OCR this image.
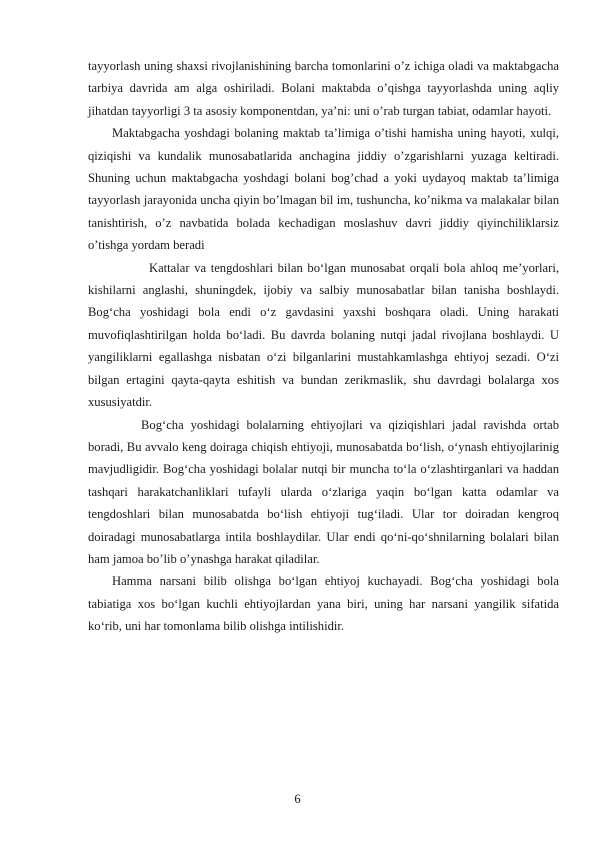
tayyorlash uning shaxsi rivojlanishining barcha tomonlarini o’z ichiga oladi va maktabgacha tarbiya davrida am alga oshiriladi. Bolani maktabda o’qishga tayyorlashda uning aqliy jihatdan tayyorligi 3 ta asosiy komponentdan, ya’ni: uni o’rab turgan tabiat, odamlar hayoti.

Maktabgacha yoshdagi bolaning maktab ta’limiga o’tishi hamisha uning hayoti, xulqi, qiziqishi va kundalik munosabatlarida anchagina jiddiy o’zgarishlarni yuzaga keltiradi. Shuning uchun maktabgacha yoshdagi bolani bog’chad a yoki uydayoq maktab ta’limiga tayyorlash jarayonida uncha qiyin bo’lmagan bil im, tushuncha, ko’nikma va malakalar bilan tanishtirish, o’z navbatida bolada kechadigan moslashuv davri jiddiy qiyinchiliklarsiz o’tishga yordam beradi

Kattalar va tengdoshlari bilan bo‘lgan munosabat orqali bola ahloq me’yorlari, kishilarni anglashi, shuningdek, ijobiy va salbiy munosabatlar bilan tanisha boshlaydi. Bog‘cha yoshidagi bola endi o‘z gavdasini yaxshi boshqara oladi. Uning harakati muvofiqlashtirilgan holda bo‘ladi. Bu davrda bolaning nutqi jadal rivojlana boshlaydi. U yangiliklarni egallashga nisbatan o‘zi bilganlarini mustahkamlashga ehtiyoj sezadi. O‘zi bilgan ertagini qayta-qayta eshitish va bundan zerikmaslik, shu davrdagi bolalarga xos xususiyatdir.

Bog‘cha yoshidagi bolalarning ehtiyojlari va qiziqishlari jadal ravishda ortab boradi, Bu avvalo keng doiraga chiqish ehtiyoji, munosabatda bo‘lish, o‘ynash ehtiyojlarinig mavjudligidir. Bog‘cha yoshidagi bolalar nutqi bir muncha to‘la o‘zlashtirganlari va haddan tashqari harakatchanliklari tufayli ularda o‘zlariga yaqin bo‘lgan katta odamlar va tengdoshlari bilan munosabatda bo‘lish ehtiyoji tug‘iladi. Ular tor doiradan kengroq doiradagi munosabatlarga intila boshlaydilar. Ular endi qo‘ni-qo‘shnilarning bolalari bilan ham jamoa bo’lib o’ynashga harakat qiladilar.

Hamma narsani bilib olishga bo‘lgan ehtiyoj kuchayadi. Bog‘cha yoshidagi bola tabiatiga xos bo‘lgan kuchli ehtiyojlardan yana biri, uning har narsani yangilik sifatida ko‘rib, uni har tomonlama bilib olishga intilishidir.

6
